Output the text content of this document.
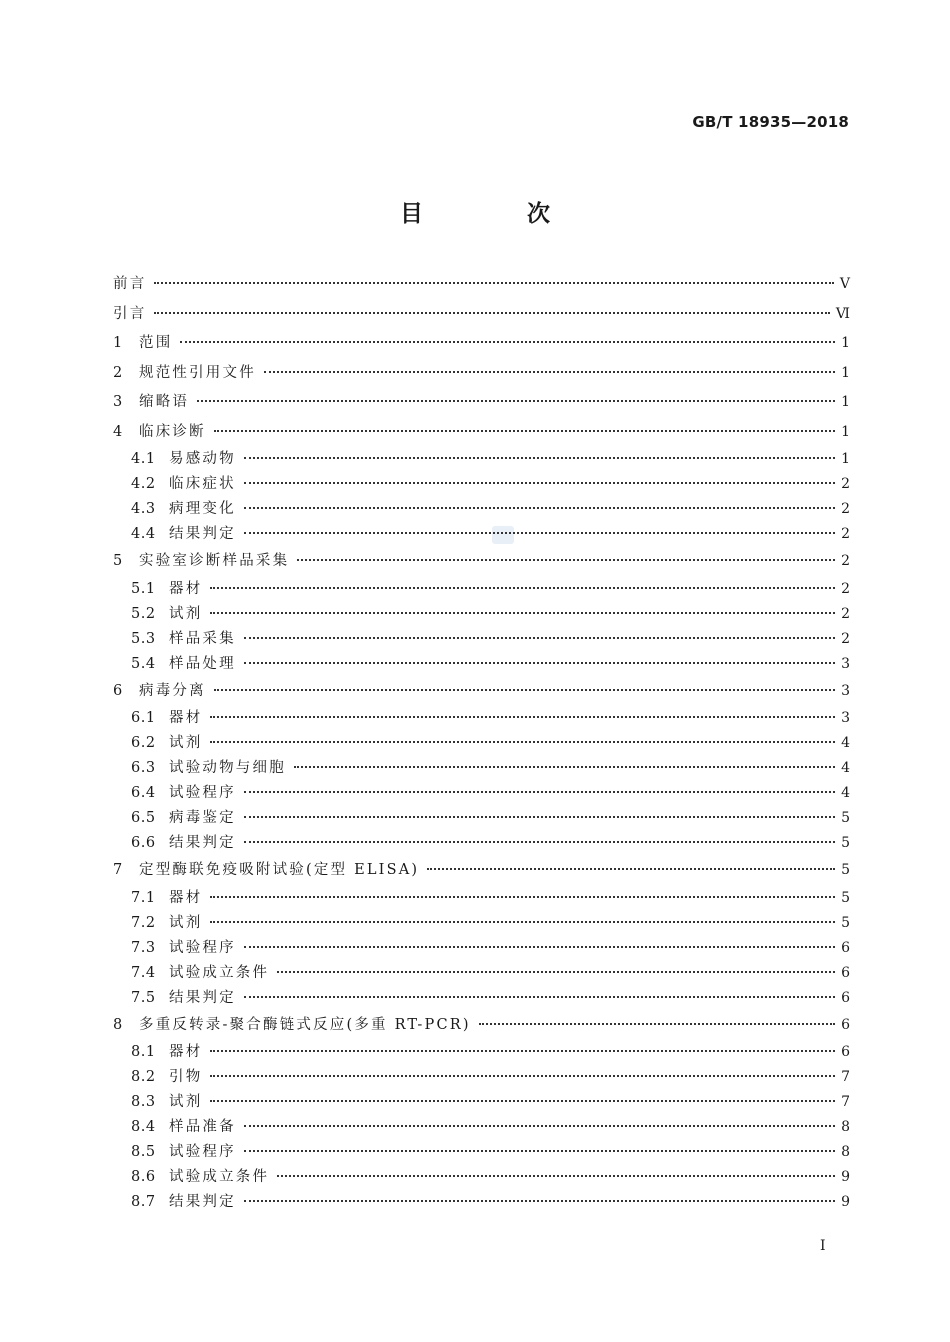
GB/T 18935—2018
目 次
前言	Ⅴ
引言	Ⅵ
1	范围	1
2	规范性引用文件	1
3	缩略语	1
4	临床诊断	1
4.1 易感动物	1
4.2 临床症状	2
4.3 病理变化	2
4.4 结果判定	2
5	实验室诊断样品采集	2
5.1 器材	2
5.2 试剂	2
5.3 样品采集	2
5.4 样品处理	3
6	病毒分离	3
6.1 器材	3
6.2 试剂	4
6.3 试验动物与细胞	4
6.4 试验程序	4
6.5 病毒鉴定	5
6.6 结果判定	5
7	定型酶联免疫吸附试验(定型 ELISA)	5
7.1 器材	5
7.2 试剂	5
7.3 试验程序	6
7.4 试验成立条件	6
7.5 结果判定	6
8	多重反转录-聚合酶链式反应(多重 RT-PCR)	6
8.1 器材	6
8.2 引物	7
8.3 试剂	7
8.4 样品准备	8
8.5 试验程序	8
8.6 试验成立条件	9
8.7 结果判定	9
I
